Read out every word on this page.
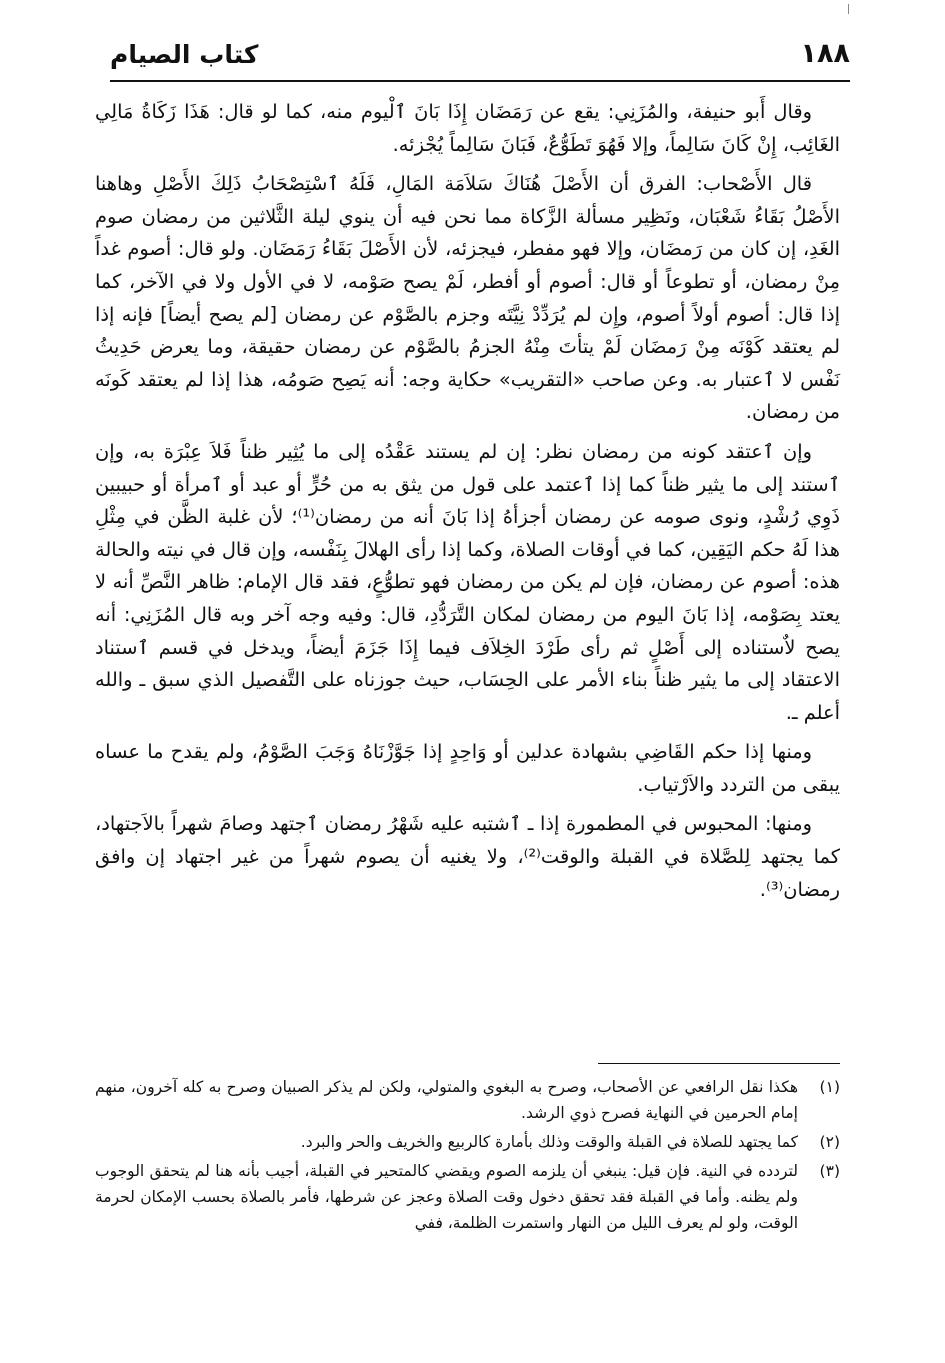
١٨٨
كتاب الصيام

وقال أَبو حنيفة، والمُزَنِي: يقع عن رَمَضَان إِذَا بَانَ ٱلْيوم منه، كما لو قال: هَذَا زَكَاةُ مَالِي الغَائِب، إِنْ كَانَ سَالِماً، وإلا فَهُوَ تَطَوُّعٌ، فَبَانَ سَالِماً يُجْزئه.

قال الأَصْحاب: الفرق أن الأَصْلَ هُنَاكَ سَلاَمَة المَالِ، فَلَهُ ٱسْتِصْحَابُ ذَلِكَ الأَصْلِ وهاهنا الأَصْلُ بَقَاءُ شَعْبَان، ونَظِير مسألة الزَّكاة مما نحن فيه أن ينوي ليلة الثَّلاثين من رمضان صوم الغَدِ، إن كان من رَمضَان، وإلا فهو مفطر، فيجزئه، لأن الأَصْلَ بَقَاءُ رَمَضَان. ولو قال: أصوم غداً مِنْ رمضان، أو تطوعاً أو قال: أصوم أو أفطر، لَمْ يصح صَوْمه، لا في الأول ولا في الآخر، كما إذا قال: أصوم أولاً أصوم، وإِن لم يُرَدِّدْ نِيَّتَه وجزم بالصَّوْم عن رمضان [لم يصح أيضاً] فإنه إذا لم يعتقد كَوْنَه مِنْ رَمضَان لَمْ يتأتَ مِنْهُ الجزمُ بالصَّوْم عن رمضان حقيقة، وما يعرض حَدِيثُ نَفْس لا ٱعتبار به. وعن صاحب «التقريب» حكاية وجه: أنه يَصِح صَومُه، هذا إذا لم يعتقد كَونَه من رمضان.

وإن ٱعتقد كونه من رمضان نظر: إن لم يستند عَقْدُه إلى ما يُثِير ظناً فَلاَ عِبْرَة به، وإن ٱستند إلى ما يثير ظناً كما إذا ٱعتمد على قول من يثق به من حُرٍّ أو عبد أو ٱمرأة أو حبيبين ذَوِي رُشْدٍ، ونوى صومه عن رمضان أجزأهُ إذا بَانَ أنه من رمضان⁽¹⁾؛ لأن غلبة الظَّن في مِثْلِ هذا لَهُ حكم اليَقِين، كما في أوقات الصلاة، وكما إذا رأى الهلالَ بِنَفْسه، وإن قال في نيته والحالة هذه: أصوم عن رمضان، فإن لم يكن من رمضان فهو تطوُّعٍ، فقد قال الإمام: ظاهر النَّصِّ أنه لا يعتد بِصَوْمه، إذا بَانَ اليوم من رمضان لمكان التَّرَدُّدِ، قال: وفيه وجه آخر وبه قال المُزَنِي: أنه يصح لاٌستناده إلى أَصْلٍ ثم رأى طَرْدَ الخِلاَف فيما إِذَا جَزَمَ أيضاً، ويدخل في قسم ٱستناد الاعتقاد إلى ما يثير ظناً بناء الأمر على الحِسَاب، حيث جوزناه على التَّفصيل الذي سبق ـ والله أعلم ـ.

ومنها إذا حكم القَاضِي بشهادة عدلين أو وَاحِدٍ إذا جَوَّزْنَاهُ وَجَبَ الصَّوْمُ، ولم يقدح ما عساه يبقى من التردد والاَرْتياب.

ومنها: المحبوس في المطمورة إذا ـ ٱشتبه عليه شَهْرُ رمضان ٱجتهد وصامَ شهراً بالاَجتهاد، كما يجتهد لِلصَّلاة في القبلة والوقت⁽²⁾، ولا يغنيه أن يصوم شهراً من غير اجتهاد إن وافق رمضان⁽³⁾.

(١)
هكذا نقل الرافعي عن الأصحاب، وصرح به البغوي والمتولي، ولكن لم يذكر الصبيان وصرح به كله آخرون، منهم إمام الحرمين في النهاية فصرح ذوي الرشد.
(٢)
كما يجتهد للصلاة في القبلة والوقت وذلك بأمارة كالربيع والخريف والحر والبرد.
(٣)
لتردده في النية. فإن قيل: ينبغي أن يلزمه الصوم ويقضي كالمتحير في القبلة، أجيب بأنه هنا لم يتحقق الوجوب ولم يظنه. وأما في القبلة فقد تحقق دخول وقت الصلاة وعجز عن شرطها، فأمر بالصلاة بحسب الإمكان لحرمة الوقت، ولو لم يعرف الليل من النهار واستمرت الظلمة، ففي
